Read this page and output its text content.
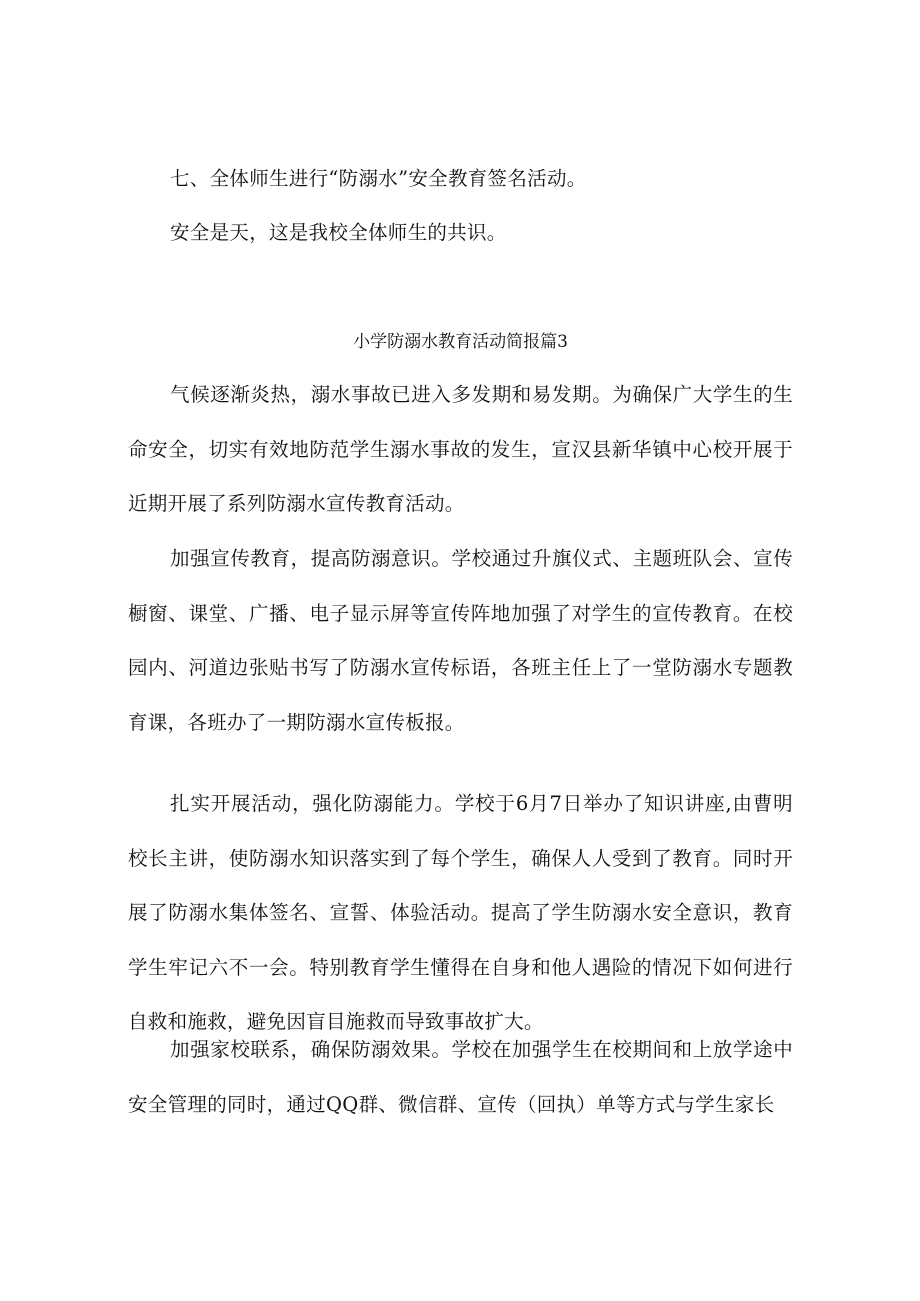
七、全体师生进行“防溺水”安全教育签名活动。

安全是天，这是我校全体师生的共识。

小学防溺水教育活动简报篇3

气候逐渐炎热，溺水事故已进入多发期和易发期。为确保广大学生的生命安全，切实有效地防范学生溺水事故的发生，宣汉县新华镇中心校开展于近期开展了系列防溺水宣传教育活动。

加强宣传教育，提高防溺意识。学校通过升旗仪式、主题班队会、宣传橱窗、课堂、广播、电子显示屏等宣传阵地加强了对学生的宣传教育。在校园内、河道边张贴书写了防溺水宣传标语，各班主任上了一堂防溺水专题教育课，各班办了一期防溺水宣传板报。

扎实开展活动，强化防溺能力。学校于6月7日举办了知识讲座,由曹明校长主讲，使防溺水知识落实到了每个学生，确保人人受到了教育。同时开展了防溺水集体签名、宣誓、体验活动。提高了学生防溺水安全意识，教育学生牢记六不一会。特别教育学生懂得在自身和他人遇险的情况下如何进行自救和施救，避免因盲目施救而导致事故扩大。

加强家校联系，确保防溺效果。学校在加强学生在校期间和上放学途中安全管理的同时，通过QQ群、微信群、宣传（回执）单等方式与学生家长
